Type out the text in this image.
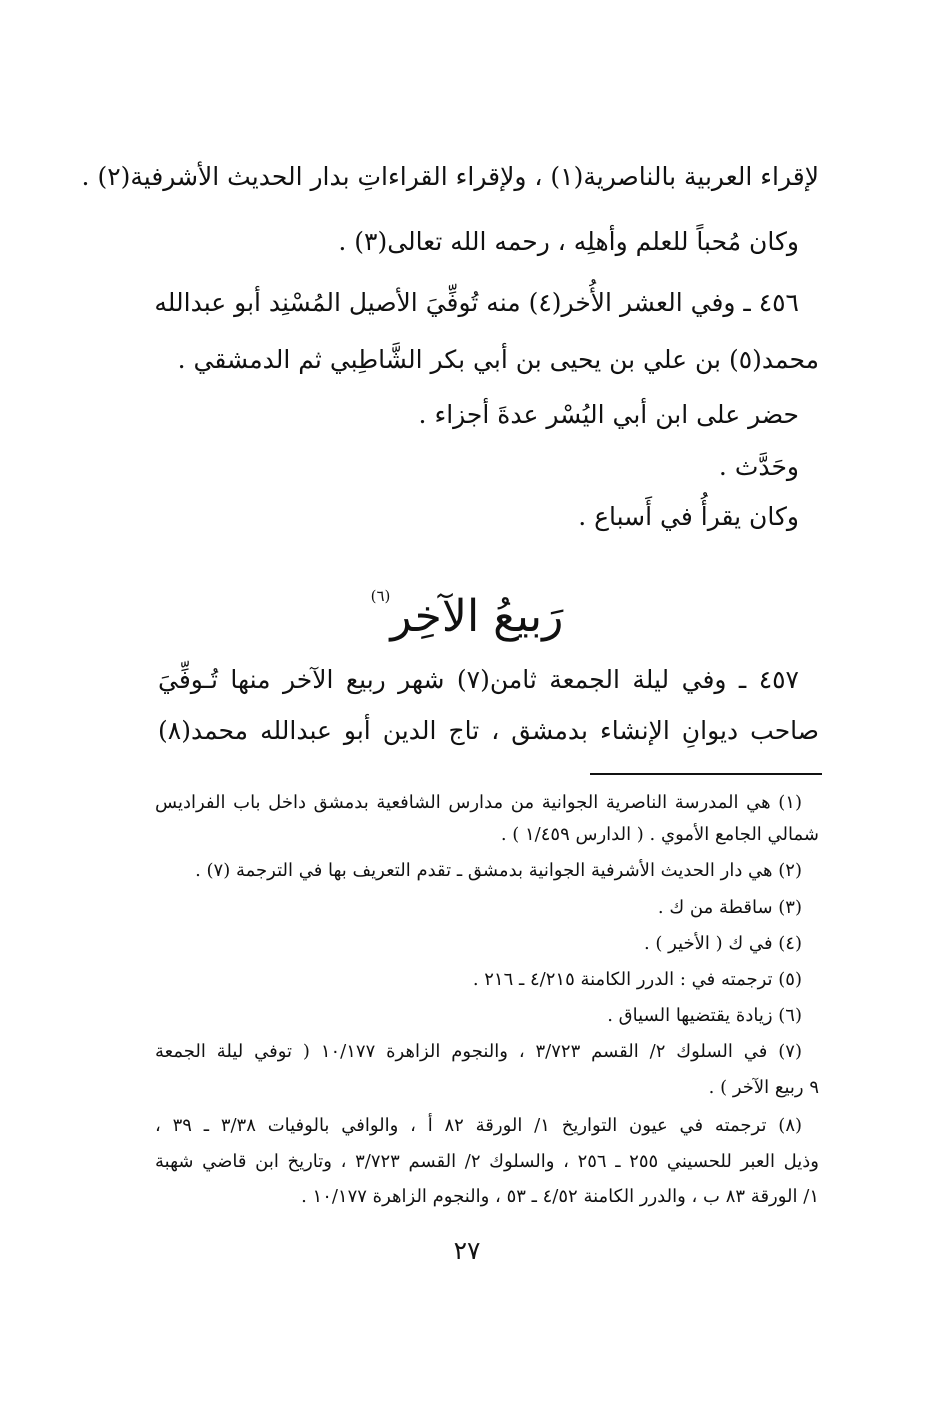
لإقراء العربية بالناصرية(١) ، ولإقراء القراءاتِ بدار الحديث الأشرفية(٢) .
وكان مُحباً للعلم وأهلِه ، رحمه الله تعالى(٣) .
٤٥٦ ـ وفي العشر الأُخر(٤) منه تُوفِّيَ الأصيل المُسْنِد أبو عبدالله
محمد(٥) بن علي بن يحيى بن أبي بكر الشَّاطِبي ثم الدمشقي .
حضر على ابن أبي اليُسْر عدةَ أجزاء .
وحَدَّث .
وكان يقرأُ في أَسباع .
رَبيعُ الآخِر$^{(٦)}$
٤٥٧ ـ وفي ليلة الجمعة ثامن(٧) شهر ربيع الآخر منها تُـوفِّيَ
صاحب ديوانِ الإنشاء بدمشق ، تاج الدين أبو عبدالله محمد(٨)
(١) هي المدرسة الناصرية الجوانية من مدارس الشافعية بدمشق داخل باب الفراديس
شمالي الجامع الأموي . ( الدارس ١/٤٥٩ ) .
(٢) هي دار الحديث الأشرفية الجوانية بدمشق ـ تقدم التعريف بها في الترجمة (٧) .
(٣) ساقطة من ك .
(٤) في ك ( الأخير ) .
(٥) ترجمته في : الدرر الكامنة ٤/٢١٥ ـ ٢١٦ .
(٦) زيادة يقتضيها السياق .
(٧) في السلوك ٢/ القسم ٣/٧٢٣ ، والنجوم الزاهرة ١٠/١٧٧ ( توفي ليلة الجمعة
٩ ربيع الآخر ) .
(٨) ترجمته في عيون التواريخ ١/ الورقة ٨٢ أ ، والوافي بالوفيات ٣/٣٨ ـ ٣٩ ،
وذيل العبر للحسيني ٢٥٥ ـ ٢٥٦ ، والسلوك ٢/ القسم ٣/٧٢٣ ، وتاريخ ابن قاضي شهبة
١/ الورقة ٨٣ ب ، والدرر الكامنة ٤/٥٢ ـ ٥٣ ، والنجوم الزاهرة ١٠/١٧٧ .
٢٧
